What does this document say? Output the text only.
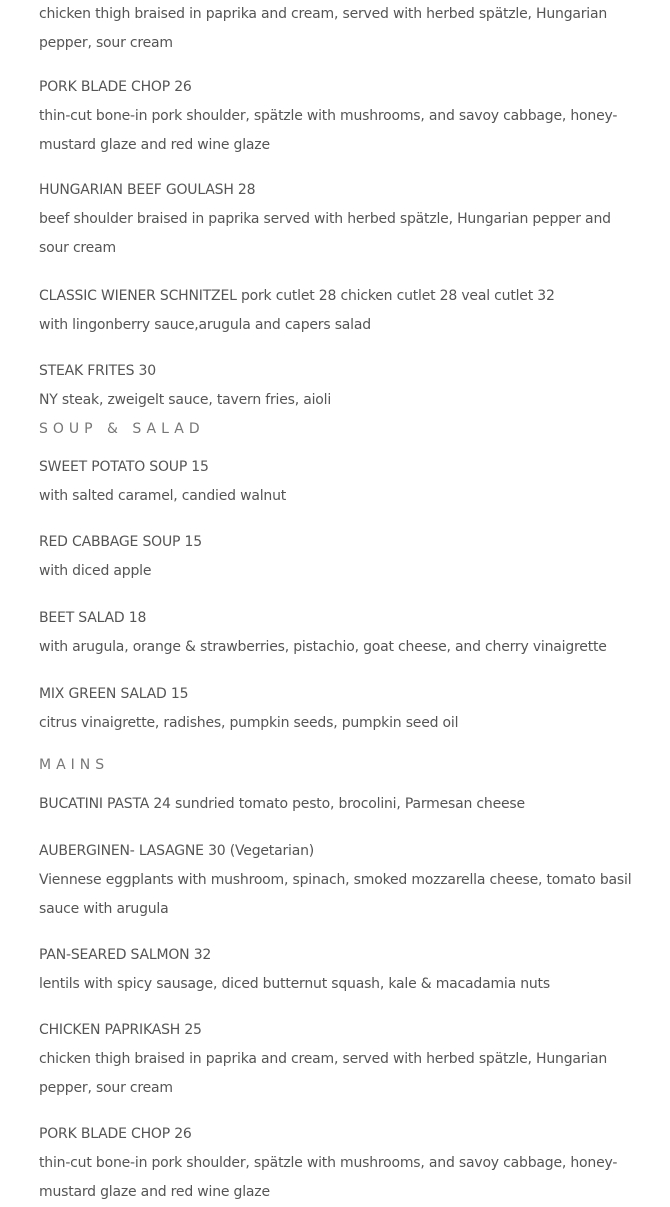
chicken thigh braised in paprika and cream, served with herbed spätzle, Hungarian pepper, sour cream
PORK BLADE CHOP 26
thin-cut bone-in pork shoulder, spätzle with mushrooms, and savoy cabbage, honey-mustard glaze and red wine glaze
HUNGARIAN BEEF GOULASH 28
beef shoulder braised in paprika served with herbed spätzle, Hungarian pepper and sour cream
CLASSIC WIENER SCHNITZEL pork cutlet 28 chicken cutlet 28 veal cutlet 32
with lingonberry sauce,arugula and capers salad
STEAK FRITES 30
NY steak, zweigelt sauce, tavern fries, aioli
SOUP & SALAD
SWEET POTATO SOUP 15
with salted caramel, candied walnut
RED CABBAGE SOUP 15
with diced apple
BEET SALAD 18
with arugula, orange & strawberries, pistachio, goat cheese, and cherry vinaigrette
MIX GREEN SALAD 15
citrus vinaigrette, radishes, pumpkin seeds, pumpkin seed oil
MAINS
BUCATINI PASTA 24 sundried tomato pesto, brocolini, Parmesan cheese
AUBERGINEN- LASAGNE 30 (Vegetarian)
Viennese eggplants with mushroom, spinach, smoked mozzarella cheese, tomato basil sauce with arugula
PAN-SEARED SALMON 32
lentils with spicy sausage, diced butternut squash, kale & macadamia nuts
CHICKEN PAPRIKASH 25
chicken thigh braised in paprika and cream, served with herbed spätzle, Hungarian pepper, sour cream
PORK BLADE CHOP 26
thin-cut bone-in pork shoulder, spätzle with mushrooms, and savoy cabbage, honey-mustard glaze and red wine glaze
